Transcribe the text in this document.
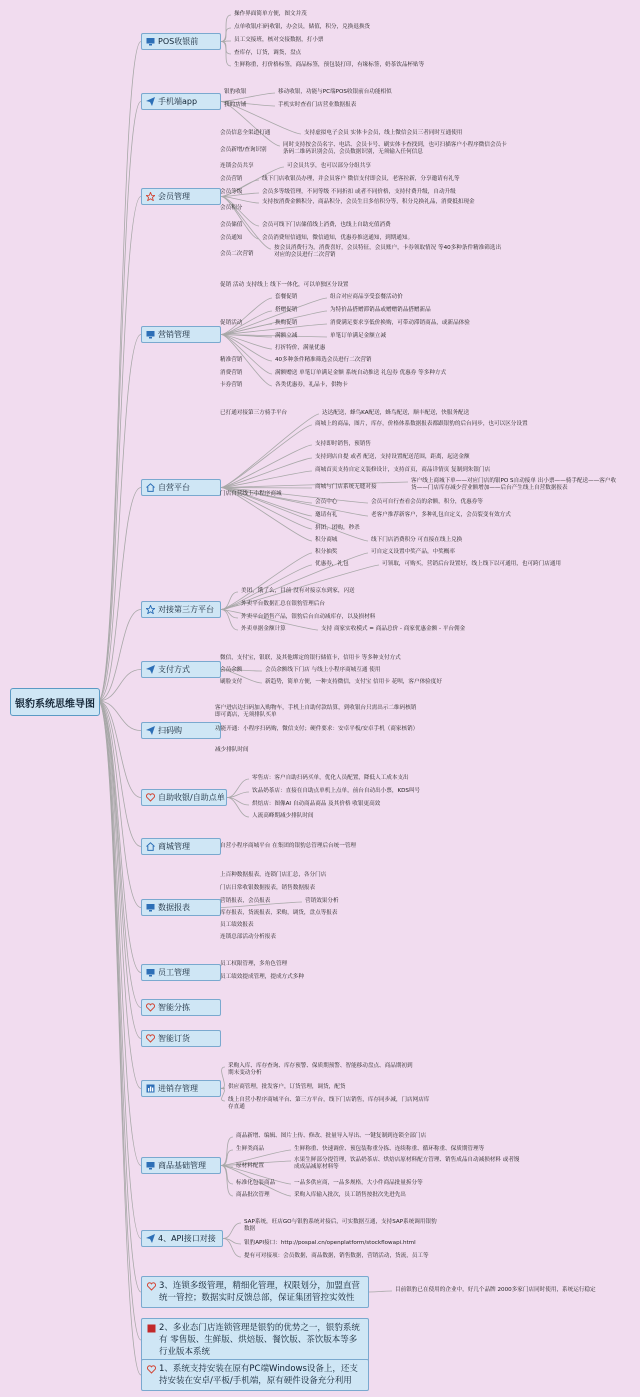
银豹系统思维导图
POS收银前
手机端app
会员管理
营销管理
自营平台
对接第三方平台
支付方式
扫码购
自助收银/自助点单
商城管理
数据报表
员工管理
智能分拣
智能订货
进销存管理
商品基础管理
4、API接口对接
3、连锁多级管理，精细化管理，权限划分，加盟直营统一管控；数据实时反馈总部，保证集团管控实效性
2、多业态门店连锁管理是银豹的优势之一，银豹系统有 零售版、生鲜版、烘焙版、餐饮版、茶饮版本等多行业版本系统
1、系统支持安装在原有PC端Windows设备上，还支持安装在安卓/平板/手机端，原有硬件设备充分利用
操作界面简单方便，图文并茂
点单收银/扫码收银，办会员，储值，积分，兑换退换货
员工交接班，核对交接数据，打小票
查库存，订货，调货，盘点
生鲜称重，打价格标签，商品标签，预包装打印，有缘标签，奶茶饮品杯贴等
银豹收银	移动收银，功能与PC端POS收银前台功能相似
我的店铺	手机实时查看门店营业数据报表
会员信息全渠道打通	支持虚拟电子会员 实体卡会员，线上微信会员三者同时互通使用
会员新增/查询识别
同时支持按会员名字、电话、会员卡号、刷实体卡查找到，也可扫描客户小程序微信会员卡条码二维码识别会员，会员数据识别，无须输入任何信息
连锁会员共享	可会员共享，也可以部分分组共享
会员营销	线下门店收银员办理，并会员客户 微信支付即会员，老客拉新，分享邀请有礼等
会员等级	会员多等级管理，不同等级 不同折扣 或者不同价格，支持付费升级，自动升级
会员积分
支持按消费金额积分，商品积分，会员生日多倍积分等，积分兑换礼品，消费抵扣现金
会员储值	会员可线下门店储值线上消费，也线上自助充值消费
会员通知	会员消费短信通知，微信通知，优惠券推送通知，到期通知。
会员二次营销
按会员消费行为，消费喜好，会员特征，会员账户，卡券领取情况 等40多种条件精准筛选出对应的会员进行二次营销
促销 活动 支持线上 线下一体化，可以单独区分设置
促销活动
套餐促销	组合对应商品享受套餐活动价
搭赠促销	为特价品搭赠滞销品或赠赠销品搭赠新品
换购促销	消费满足要求享低价换购，可带动滞销商品，或新品体验
满额立减	单笔订单满足金额立减
打折特价，满量优惠
精准营销	40多种条件精准筛选会员进行二次营销
消费营销	满额赠送 单笔订单满足金额 系统自动推送 礼包券 优惠券 等多种方式
卡券营销	各类优惠券，礼品卡，供物卡
已打通对接第三方骑手平台	达达配送，蜂鸟KA配送，蜂鸟配送，顺丰配送，快服务配送
门店自营线上小程序商城
商城上的商品，图片，库存，价格体系数据报表都跟银豹的后台同步，也可以区分设置
支持即时销售，预销售
支持到店自提 或者 配送，支持设置配送范围，距离，起送金额
商城首页支持自定义装修设计，支持首页，商品详情页 复制到朱银门店
商城与门店系统无缝对接
客户线上商城下单——对应门店的银PO S自动接单 出小票——骑手配送——客户收货——门店库存减少营业额增加——后台产生线上自营数据报表
会员中心	会员可自行查看会员的余额，积分，优惠券等
邀请有礼	老客户推荐新客户，多种礼包自定义，会员裂变有效方式
拼团，团购，秒杀
积分商城	线下门店消费积分 可直接在线上兑换
积分抽奖	可自定义设置中奖产品，中奖概率
优惠券，礼包	可领取，可购买，营销后台设置好，线上线下以可通用，也可跨门店通用
美团，饿了么，目前 没有对接京东到家，闪送
外卖平台数据汇总在银豹管理后台
外卖平台销售产品，银豹后台自动减库存，以及损材料
外卖单据金额计算	支持 商家实收模式 = 商品总价 - 商家优惠金额 - 平台佣金
微信，支付宝，银联，及其他绑定的银行储值卡，信用卡 等多种支付方式
会员余额	会员余额线下门店 与线上小程序商城互通 使用
刷脸支付	新趋势，简单方便，一种支持微信，支付宝 信用卡 花呗，客户体验度好
客户进店边扫码加入购物车，手机上自助付款结算，到收银台只需出示二维码核销即可离店，无须排队买单
功能开通：小程序扫码购，微信支付；硬件要求：安卓平板/安卓手机（商家核销）
减少排队时间
零售店：客户自助扫码买单，优化人员配置，降低人工成本支出
饮品奶茶店：直接在自助点单机上点单，前台自动出小票，KDS叫号
烘焙店：图像AI 自动商品商品 及其价格 收银更高效
人流高峰期减少排队时间
自营小程序商城平台 在集团的银豹总管理后台统一管理
上百种数据报表，连锁门店汇总，各分门店
门店日常收银数据报表，销售数据报表
营销报表，会员报表	营销效果分析
库存报表，货流报表，采购，调货，盘点等报表
员工绩效报表
连锁总部活动分析报表
员工权限管理，多角色管理
员工绩效提成管理，提成方式多种
采购入库、库存查询、库存预警、保质期预警、智能移动盘点、商品期初到期末变动分析
供应商管理，批发客户，订货管理，调货，配货
线上自营小程序商城平台、第三方平台，线下门店销售，库存同步减，门店网店库存直通
商品新增、编辑、图片上传、修改、批量导入导出、一键复制到连锁全部门店
生鲜类商品	生鲜称重、快速调价、预包装称重分拣、连续称重、循环称重、保质期管理等
原材料配置
水果生鲜部分提管理，饮品奶茶店、烘焙店原材料配方管理、销售成品自动减损材料 或者馒成成品减原材料等
标准化包装商品	一品多供应商，一品多规格，大小件商品批量拆分等
商品批次管理	采购入库输入批次，员工销售按批次先进先出
SAP系统，旺店GO与银豹系统对接后，可实数据互通，支持SAP系统调用银豹数据
银豹API接口：http://pospal.cn/openplatform/stockflowapi.html
提有可对接项：会员数据，商品数据，销售数据，营销活动，货流，员工等
目前银豹已在使用的企业中，好几个品牌 2000多家门店同时使用，系统运行稳定
